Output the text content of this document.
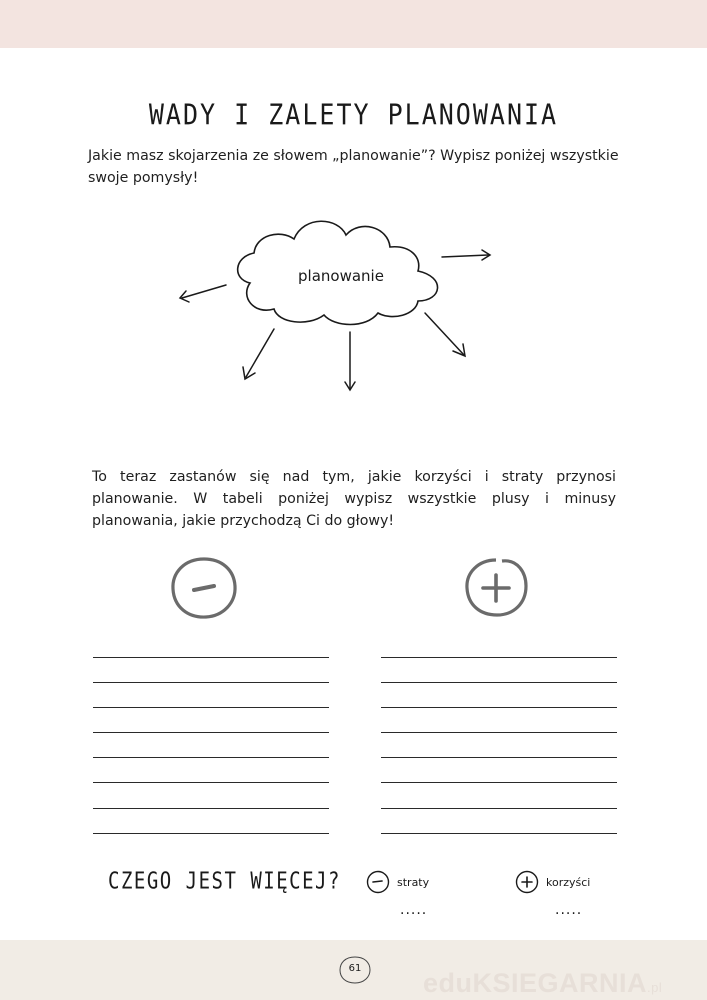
WADY I ZALETY PLANOWANIA

Jakie masz skojarzenia ze słowem „planowanie”? Wypisz poniżej wszystkie swoje pomysły!

planowanie

To teraz zastanów się nad tym, jakie korzyści i straty przynosi planowanie. W tabeli poniżej wypisz wszystkie plusy i minusy planowania, jakie przychodzą Ci do głowy!

CZEGO JEST WIĘCEJ?	straty	korzyści
.....	.....
61	eduKSIEGARNIA.pl
